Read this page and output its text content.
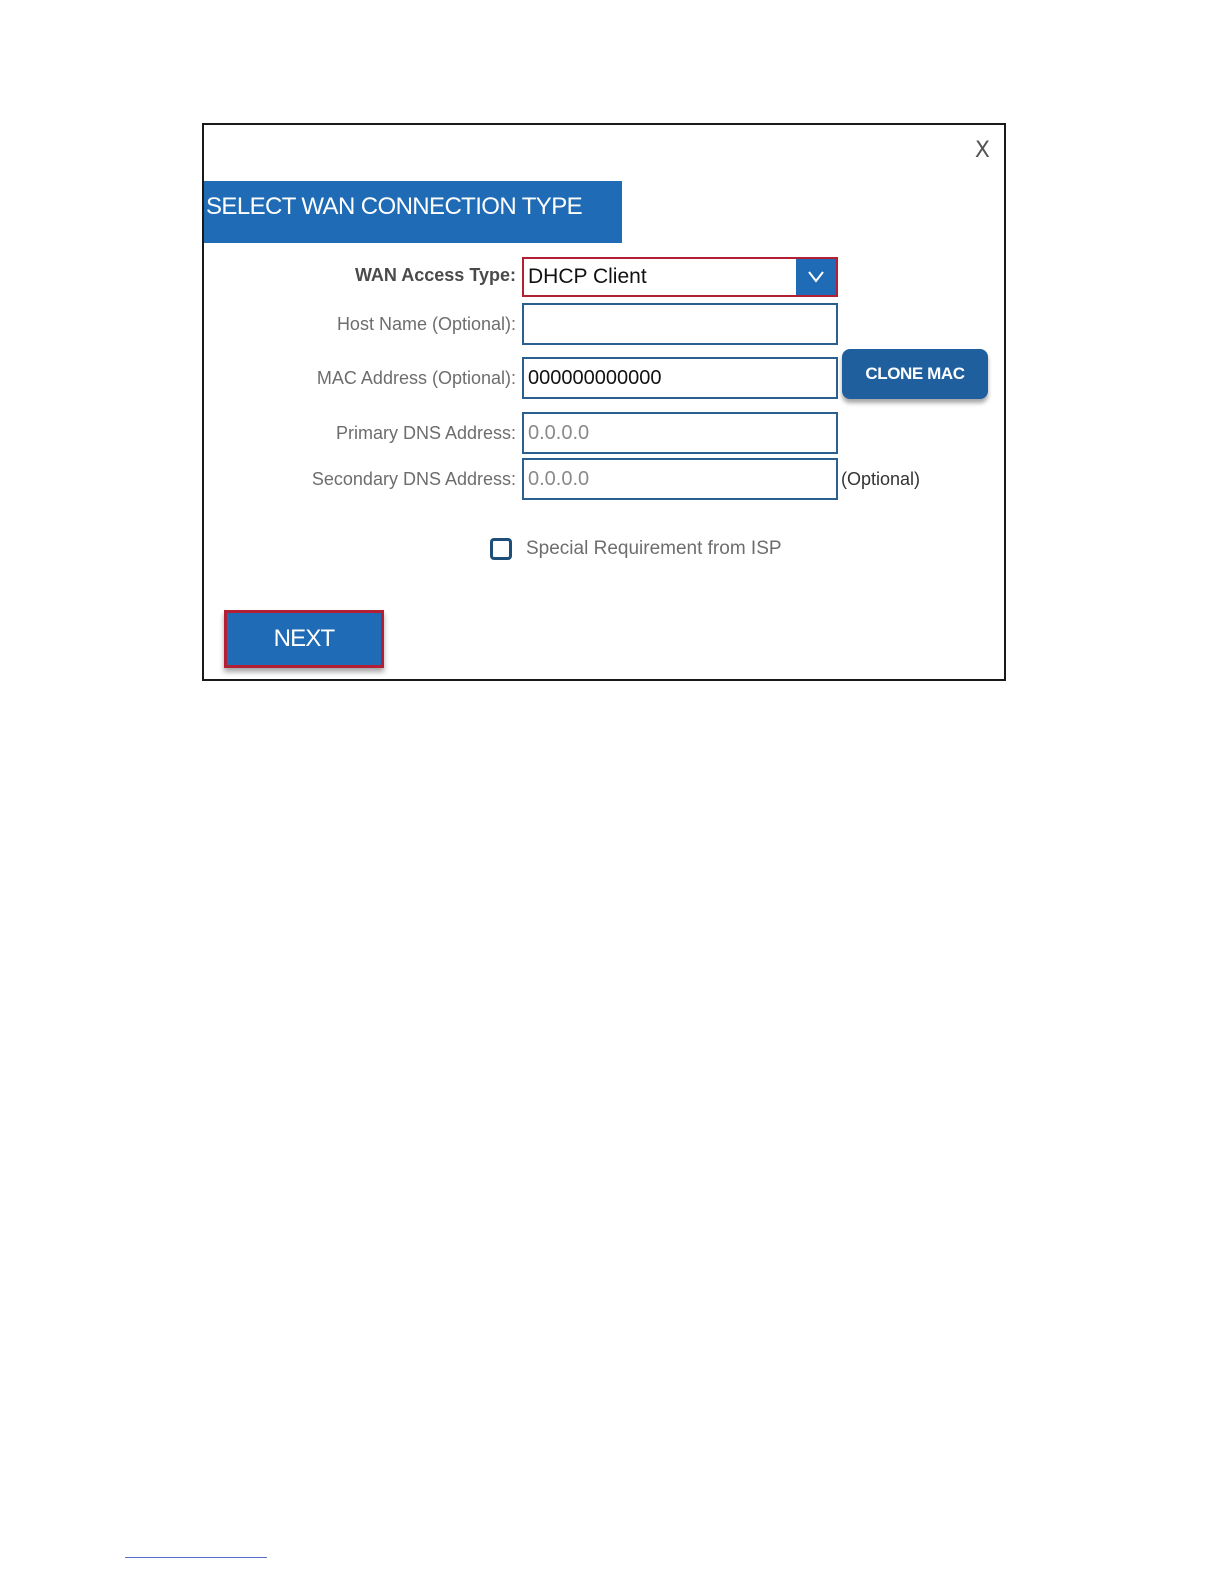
X
SELECT WAN CONNECTION TYPE
WAN Access Type: DHCP Client
Host Name (Optional):
MAC Address (Optional):
000000000000	CLONE MAC
Primary DNS Address:
0.0.0.0
Secondary DNS Address:
0.0.0.0	(Optional)
Special Requirement from ISP
NEXT
